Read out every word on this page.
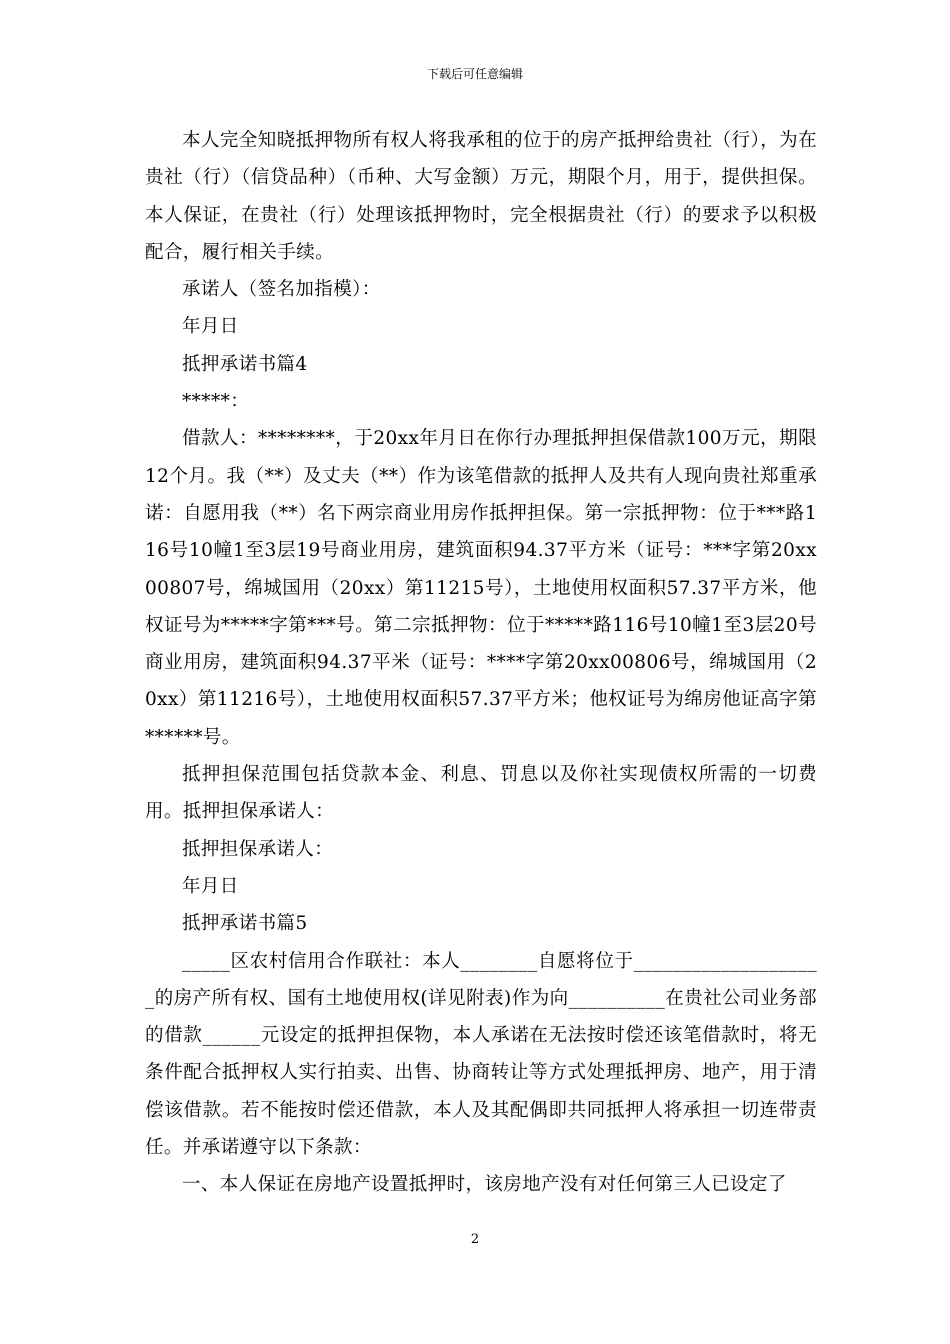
下载后可任意编辑

本人完全知晓抵押物所有权人将我承租的位于的房产抵押给贵社（行），为在贵社（行）（信贷品种）（币种、大写金额）万元，期限个月，用于，提供担保。本人保证，在贵社（行）处理该抵押物时，完全根据贵社（行）的要求予以积极配合，履行相关手续。

承诺人（签名加指模）：

年月日

抵押承诺书篇4

*****：

借款人：********，于20xx年月日在你行办理抵押担保借款100万元，期限12个月。我（**）及丈夫（**）作为该笔借款的抵押人及共有人现向贵社郑重承诺：自愿用我（**）名下两宗商业用房作抵押担保。第一宗抵押物：位于***路116号10幢1至3层19号商业用房，建筑面积94.37平方米（证号：***字第20xx00807号，绵城国用（20xx）第11215号），土地使用权面积57.37平方米，他权证号为*****字第***号。第二宗抵押物：位于*****路116号10幢1至3层20号商业用房，建筑面积94.37平米（证号：****字第20xx00806号，绵城国用（20xx）第11216号），土地使用权面积57.37平方米；他权证号为绵房他证高字第******号。

抵押担保范围包括贷款本金、利息、罚息以及你社实现债权所需的一切费用。抵押担保承诺人：

抵押担保承诺人：

年月日

抵押承诺书篇5

_____区农村信用合作联社：本人________自愿将位于____________________的房产所有权、国有土地使用权(详见附表)作为向__________在贵社公司业务部的借款______元设定的抵押担保物，本人承诺在无法按时偿还该笔借款时，将无条件配合抵押权人实行拍卖、出售、协商转让等方式处理抵押房、地产，用于清偿该借款。若不能按时偿还借款，本人及其配偶即共同抵押人将承担一切连带责任。并承诺遵守以下条款：

一、本人保证在房地产设置抵押时，该房地产没有对任何第三人已设定了

2
